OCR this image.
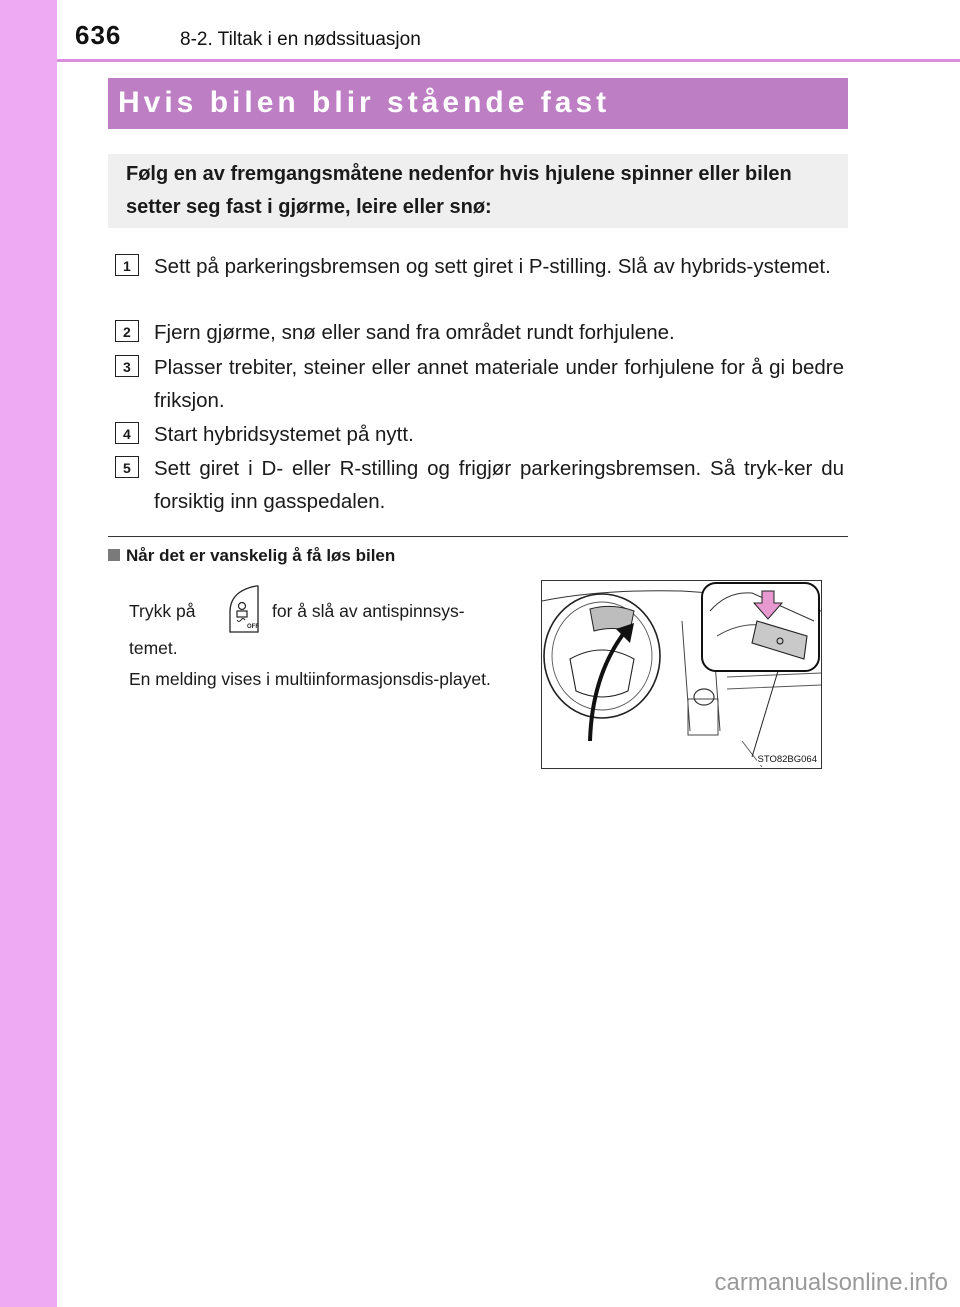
636	8-2. Tiltak i en nødssituasjon
Hvis bilen blir stående fast
Følg en av fremgangsmåtene nedenfor hvis hjulene spinner eller bilen setter seg fast i gjørme, leire eller snø:
1	Sett på parkeringsbremsen og sett giret i P-stilling. Slå av hybrids-ystemet.
2	Fjern gjørme, snø eller sand fra området rundt forhjulene.
3	Plasser trebiter, steiner eller annet materiale under forhjulene for å gi bedre friksjon.
4	Start hybridsystemet på nytt.
5	Sett giret i D- eller R-stilling og frigjør parkeringsbremsen. Så tryk-ker du forsiktig inn gasspedalen.
Når det er vanskelig å få løs bilen
Trykk på	for å slå av antispinnsys-
OFF
temet.
En melding vises i multiinformasjonsdis-playet.
STO82BG064
carmanualsonline.info
